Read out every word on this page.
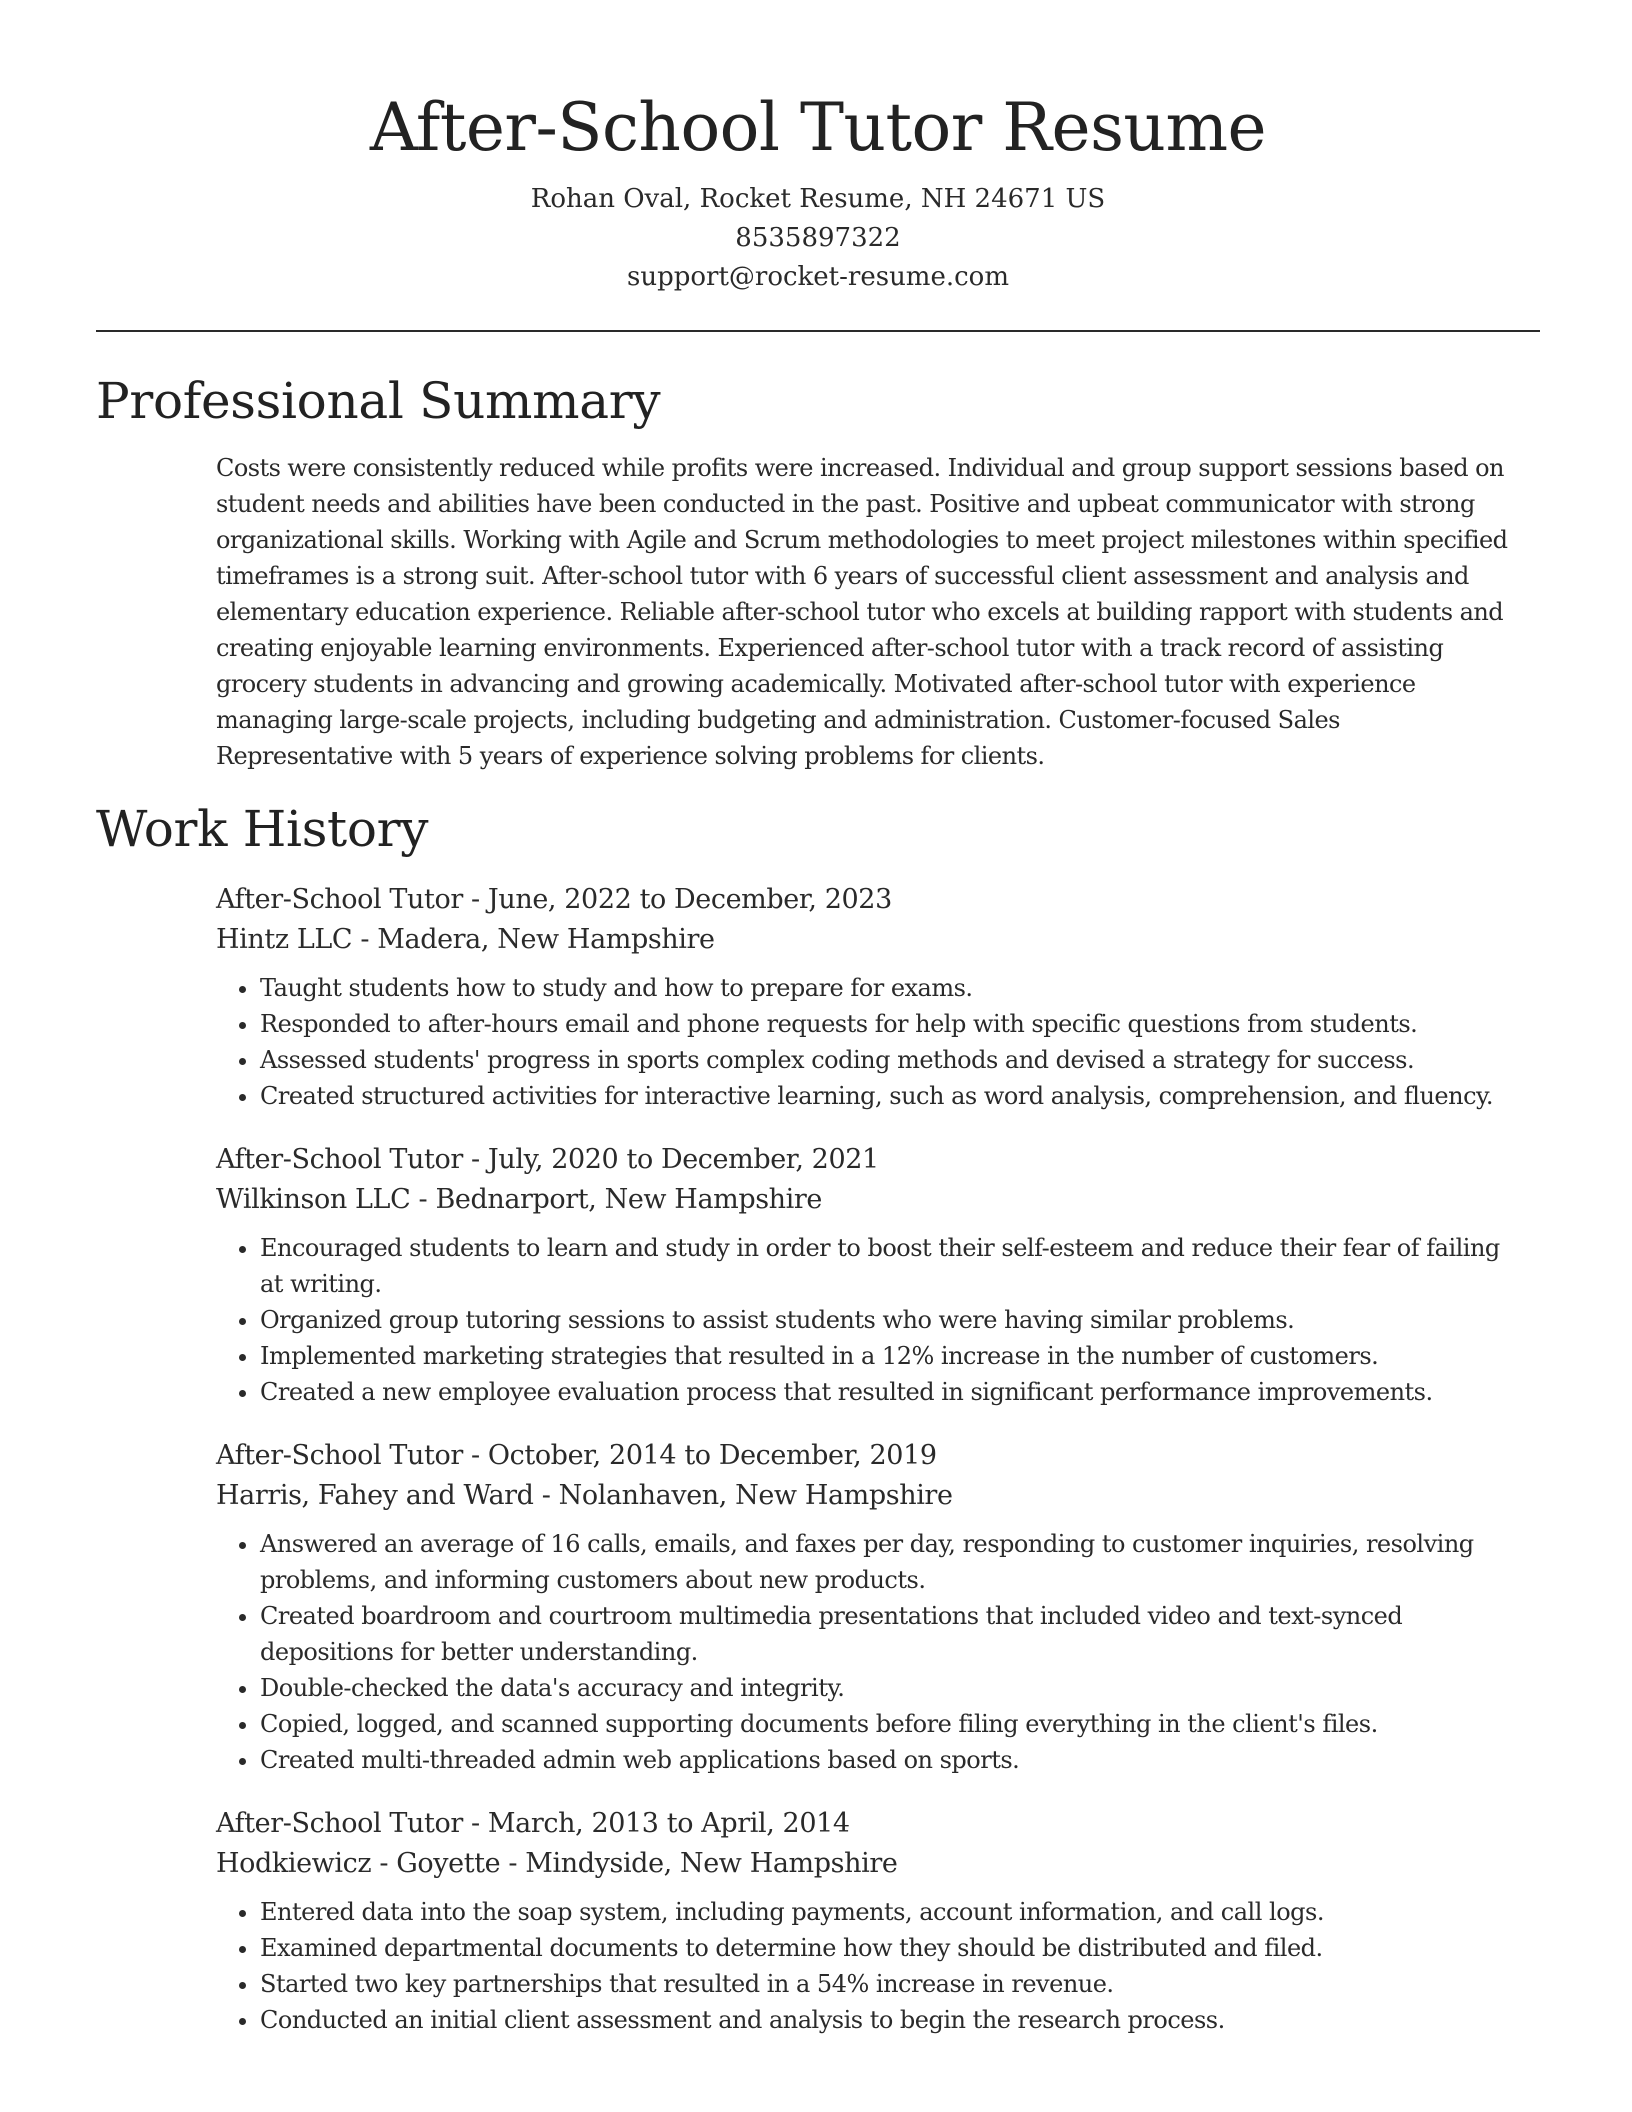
After-School Tutor Resume
Rohan Oval, Rocket Resume, NH 24671 US
8535897322
support@rocket-resume.com
Professional Summary

Costs were consistently reduced while profits were increased. Individual and group support sessions based on student needs and abilities have been conducted in the past. Positive and upbeat communicator with strong organizational skills. Working with Agile and Scrum methodologies to meet project milestones within specified timeframes is a strong suit. After-school tutor with 6 years of successful client assessment and analysis and elementary education experience. Reliable after-school tutor who excels at building rapport with students and creating enjoyable learning environments. Experienced after-school tutor with a track record of assisting grocery students in advancing and growing academically. Motivated after-school tutor with experience managing large-scale projects, including budgeting and administration. Customer-focused Sales Representative with 5 years of experience solving problems for clients.

Work History
After-School Tutor - June, 2022 to December, 2023
Hintz LLC - Madera, New Hampshire
• Taught students how to study and how to prepare for exams.
• Responded to after-hours email and phone requests for help with specific questions from students.
• Assessed students' progress in sports complex coding methods and devised a strategy for success.
• Created structured activities for interactive learning, such as word analysis, comprehension, and fluency.
After-School Tutor - July, 2020 to December, 2021
Wilkinson LLC - Bednarport, New Hampshire
• Encouraged students to learn and study in order to boost their self-esteem and reduce their fear of failing at writing.
• Organized group tutoring sessions to assist students who were having similar problems.
• Implemented marketing strategies that resulted in a 12% increase in the number of customers.
• Created a new employee evaluation process that resulted in significant performance improvements.
After-School Tutor - October, 2014 to December, 2019
Harris, Fahey and Ward - Nolanhaven, New Hampshire
• Answered an average of 16 calls, emails, and faxes per day, responding to customer inquiries, resolving problems, and informing customers about new products.
• Created boardroom and courtroom multimedia presentations that included video and text-synced depositions for better understanding.
• Double-checked the data's accuracy and integrity.
• Copied, logged, and scanned supporting documents before filing everything in the client's files.
• Created multi-threaded admin web applications based on sports.
After-School Tutor - March, 2013 to April, 2014
Hodkiewicz - Goyette - Mindyside, New Hampshire
• Entered data into the soap system, including payments, account information, and call logs.
• Examined departmental documents to determine how they should be distributed and filed.
• Started two key partnerships that resulted in a 54% increase in revenue.
• Conducted an initial client assessment and analysis to begin the research process.
